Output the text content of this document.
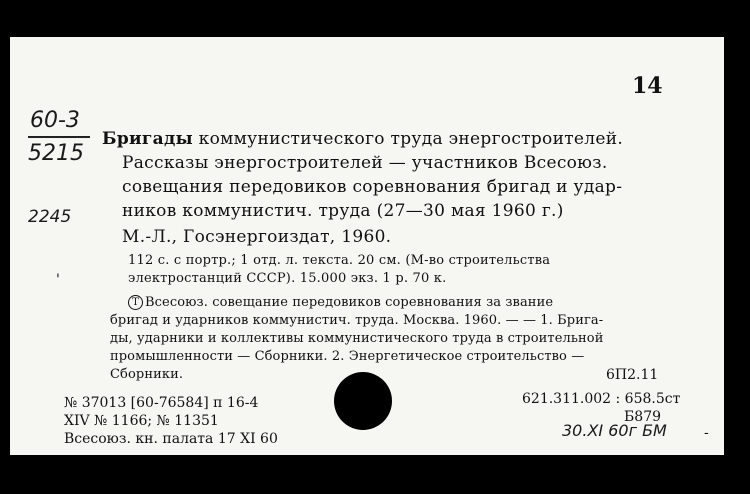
14
60-3
5215
2245
'
Бригады коммунистического труда энергостроителей.
Рассказы энергостроителей — участников Всесоюз.
совещания передовиков соревнования бригад и удар-
ников коммунистич. труда (27—30 мая 1960 г.)
М.-Л., Госэнергоиздат, 1960.
112 с. с портр.; 1 отд. л. текста. 20 см. (М-во строительства
электростанций СССР). 15.000 экз. 1 р. 70 к.
Т Всесоюз. совещание передовиков соревнования за звание
бригад и ударников коммунистич. труда. Москва. 1960. — — 1. Брига-
ды, ударники и коллективы коммунистического труда в строительной
промышленности — Сборники. 2. Энергетическое строительство —
Сборники.
№ 37013 [60-76584] п 16-4
XIV № 1166; № 11351
Всесоюз. кн. палата 17 XI 60
6П2.11
621.311.002 : 658.5ст
Б879
30.XI 60г БМ	-
